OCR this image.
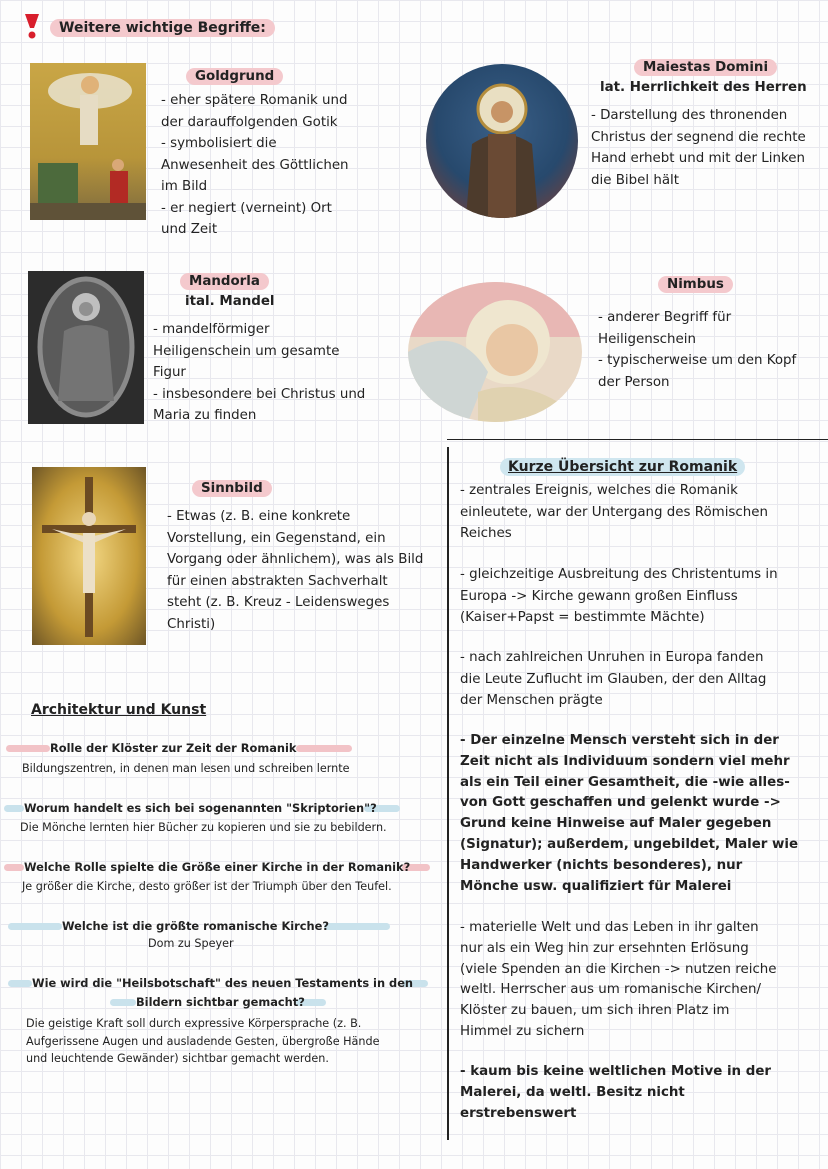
Weitere wichtige Begriffe:
Goldgrund
- eher spätere Romanik und
der darauffolgenden Gotik
- symbolisiert die
Anwesenheit des Göttlichen
im Bild
- er negiert (verneint) Ort
und Zeit
Maiestas Domini
lat. Herrlichkeit des Herren
- Darstellung des thronenden
Christus der segnend die rechte
Hand erhebt und mit der Linken
die Bibel hält
Mandorla
ital. Mandel
- mandelförmiger
Heiligenschein um gesamte
Figur
- insbesondere bei Christus und
Maria zu finden
Nimbus
- anderer Begriff für
Heiligenschein
- typischerweise um den Kopf
der Person
Sinnbild
- Etwas (z. B. eine konkrete
Vorstellung, ein Gegenstand, ein
Vorgang oder ähnlichem), was als Bild
für einen abstrakten Sachverhalt
steht (z. B. Kreuz - Leidensweges
Christi)
Kurze Übersicht zur Romanik
- zentrales Ereignis, welches die Romanik
einleutete, war der Untergang des Römischen
Reiches
- gleichzeitige Ausbreitung des Christentums in
Europa -> Kirche gewann großen Einfluss
(Kaiser+Papst = bestimmte Mächte)
- nach zahlreichen Unruhen in Europa fanden
die Leute Zuflucht im Glauben, der den Alltag
der Menschen prägte
- Der einzelne Mensch versteht sich in der
Zeit nicht als Individuum sondern viel mehr
als ein Teil einer Gesamtheit, die -wie alles-
von Gott geschaffen und gelenkt wurde ->
Grund keine Hinweise auf Maler gegeben
(Signatur); außerdem, ungebildet, Maler wie
Handwerker (nichts besonderes), nur
Mönche usw. qualifiziert für Malerei
- materielle Welt und das Leben in ihr galten
nur als ein Weg hin zur ersehnten Erlösung
(viele Spenden an die Kirchen -> nutzen reiche
weltl. Herrscher aus um romanische Kirchen/
Klöster zu bauen, um sich ihren Platz im
Himmel zu sichern
- kaum bis keine weltlichen Motive in der
Malerei, da weltl. Besitz nicht
erstrebenswert
Architektur und Kunst
Rolle der Klöster zur Zeit der Romanik
Bildungszentren, in denen man lesen und schreiben lernte
Worum handelt es sich bei sogenannten "Skriptorien"?
Die Mönche lernten hier Bücher zu kopieren und sie zu bebildern.
Welche Rolle spielte die Größe einer Kirche in der Romanik?
Je größer die Kirche, desto größer ist der Triumph über den Teufel.
Welche ist die größte romanische Kirche?
Dom zu Speyer
Wie wird die "Heilsbotschaft" des neuen Testaments in den
Bildern sichtbar gemacht?
Die geistige Kraft soll durch expressive Körpersprache (z. B.
Aufgerissene Augen und ausladende Gesten, übergroße Hände
und leuchtende Gewänder) sichtbar gemacht werden.
